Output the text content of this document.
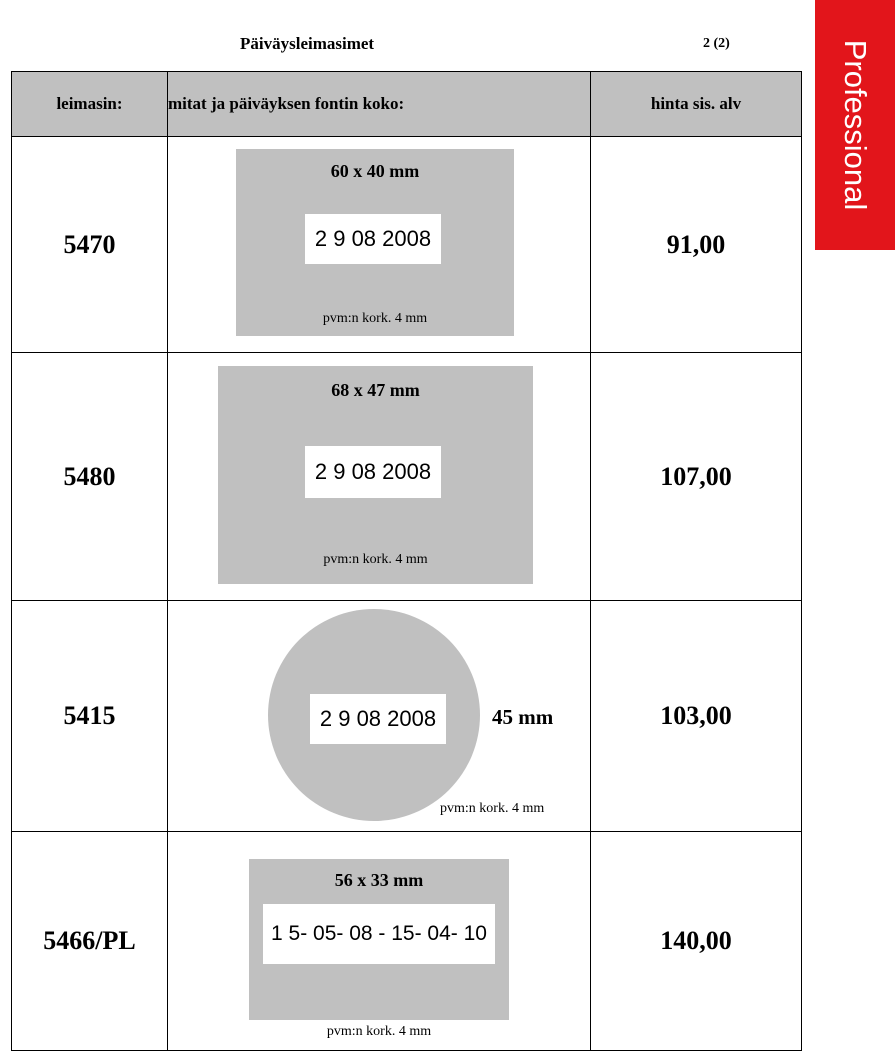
Päiväysleimasimet	2 (2)	Professional
leimasin:	mitat ja päiväyksen fontin koko:	hinta sis. alv
5470	60 x 40 mm
2 9 08 2008
pvm:n kork. 4 mm	91,00
5480	68 x 47 mm
2 9 08 2008
pvm:n kork. 4 mm	107,00
5415	2 9 08 2008 45 mm
pvm:n kork. 4 mm	103,00
5466/PL	56 x 33 mm
1 5- 05- 08 - 15- 04- 10
pvm:n kork. 4 mm	140,00
